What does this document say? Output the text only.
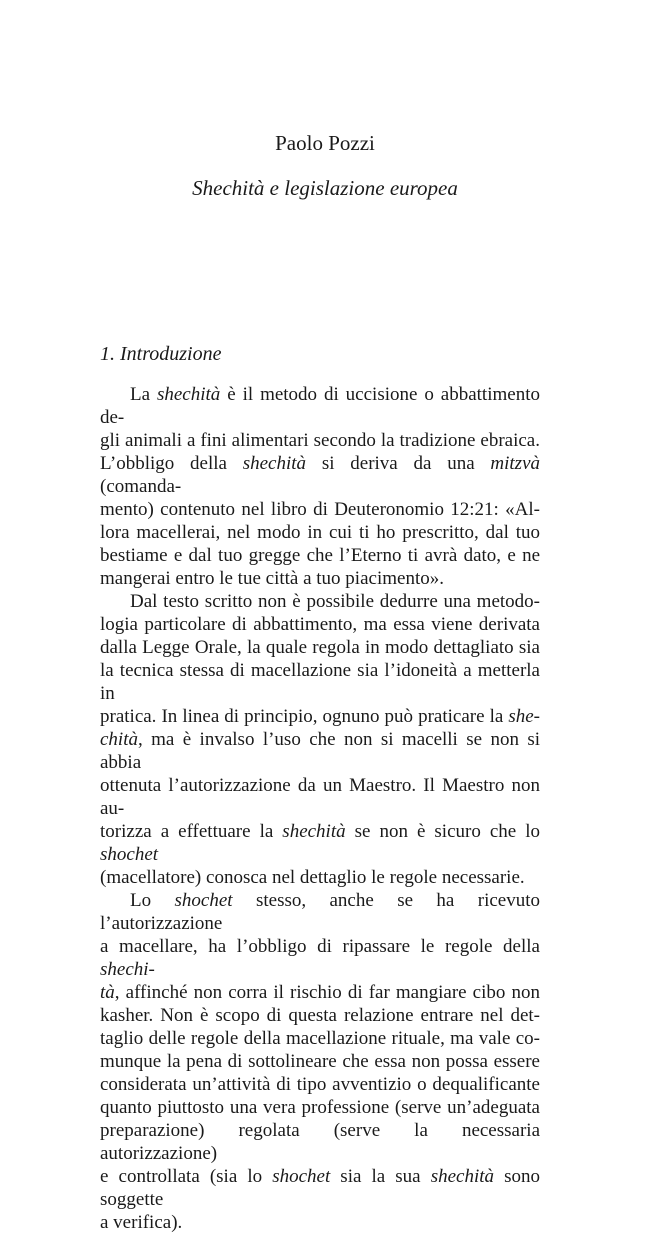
Paolo Pozzi
Shechità e legislazione europea
1. Introduzione
La shechità è il metodo di uccisione o abbattimento de-
gli animali a fini alimentari secondo la tradizione ebraica.
L’obbligo della shechità si deriva da una mitzvà (comanda-
mento) contenuto nel libro di Deuteronomio 12:21: «Al-
lora macellerai, nel modo in cui ti ho prescritto, dal tuo
bestiame e dal tuo gregge che l’Eterno ti avrà dato, e ne
mangerai entro le tue città a tuo piacimento».
Dal testo scritto non è possibile dedurre una metodo-
logia particolare di abbattimento, ma essa viene derivata
dalla Legge Orale, la quale regola in modo dettagliato sia
la tecnica stessa di macellazione sia l’idoneità a metterla in
pratica. In linea di principio, ognuno può praticare la she-
chità, ma è invalso l’uso che non si macelli se non si abbia
ottenuta l’autorizzazione da un Maestro. Il Maestro non au-
torizza a effettuare la shechità se non è sicuro che lo shochet
(macellatore) conosca nel dettaglio le regole necessarie.
Lo shochet stesso, anche se ha ricevuto l’autorizzazione
a macellare, ha l’obbligo di ripassare le regole della shechi-
tà, affinché non corra il rischio di far mangiare cibo non
kasher. Non è scopo di questa relazione entrare nel det-
taglio delle regole della macellazione rituale, ma vale co-
munque la pena di sottolineare che essa non possa essere
considerata un’attività di tipo avventizio o dequalificante
quanto piuttosto una vera professione (serve un’adeguata
preparazione) regolata (serve la necessaria autorizzazione)
e controllata (sia lo shochet sia la sua shechità sono soggette
a verifica).
